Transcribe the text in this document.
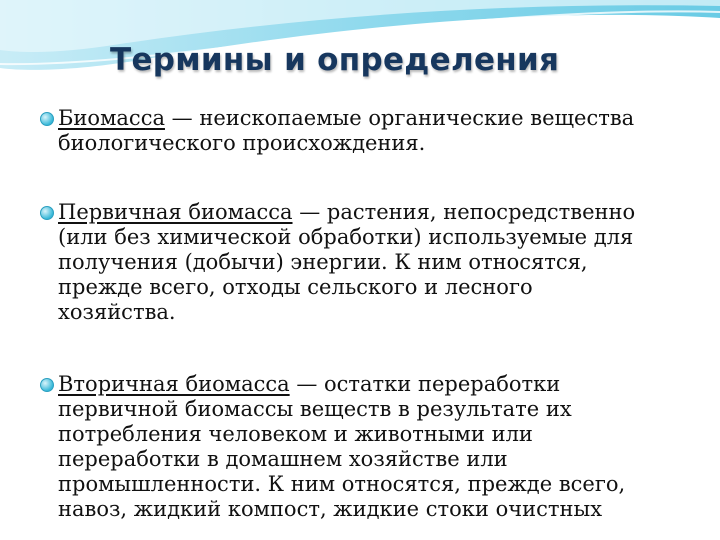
Термины и определения
Биомасса — неископаемые органические вещества
биологического происхождения.
Первичная биомасса — растения, непосредственно
(или без химической обработки) используемые для
получения (добычи) энергии. К ним относятся,
прежде всего, отходы сельского и лесного
хозяйства.
Вторичная биомасса — остатки переработки
первичной биомассы веществ в результате их
потребления человеком и животными или
переработки в домашнем хозяйстве или
промышленности. К ним относятся, прежде всего,
навоз, жидкий компост, жидкие стоки очистных
